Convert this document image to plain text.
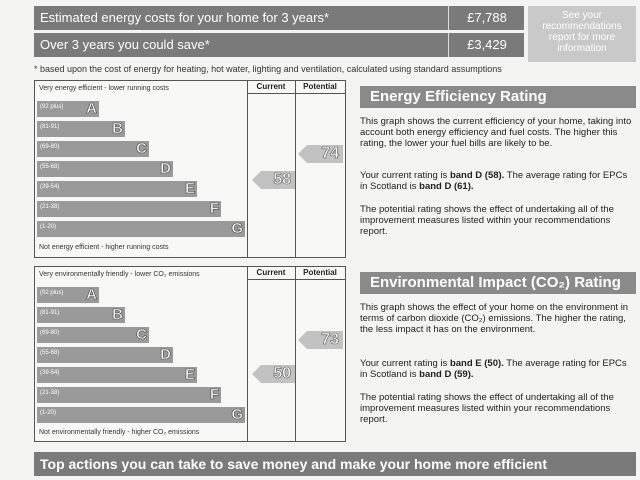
Estimated energy costs for your home for 3 years*	£7,788
Over 3 years you could save*	£3,429
See your recommendations report for more information
* based upon the cost of energy for heating, hot water, lighting and ventilation, calculated using standard assumptions
Current	Potential
Very energy efficient - lower running costs
(92 plus) A
(81-91)	B
(69-80)	C
(55-68)	D
(39-54)	E
(21-38)	F
(1-20)	G
Not energy efficient - higher running costs
58
74
Current	Potential
Very environmentally friendly - lower CO₂ emissions
(92 plus) A
(81-91)	B
(69-80)	C
(55-68)	D
(39-54)	E
(21-38)	F
(1-20)	G
Not environmentally friendly - higher CO₂ emissions
50
73
Energy Efficiency Rating
This graph shows the current efficiency of your home, taking into account both energy efficiency and fuel costs. The higher this rating, the lower your fuel bills are likely to be.
Your current rating is band D (58). The average rating for EPCs in Scotland is band D (61).
The potential rating shows the effect of undertaking all of the improvement measures listed within your recommendations report.
Environmental Impact (CO₂) Rating
This graph shows the effect of your home on the environment in terms of carbon dioxide (CO₂) emissions. The higher the rating, the less impact it has on the environment.
Your current rating is band E (50). The average rating for EPCs in Scotland is band D (59).
The potential rating shows the effect of undertaking all of the improvement measures listed within your recommendations report.
Top actions you can take to save money and make your home more efficient
